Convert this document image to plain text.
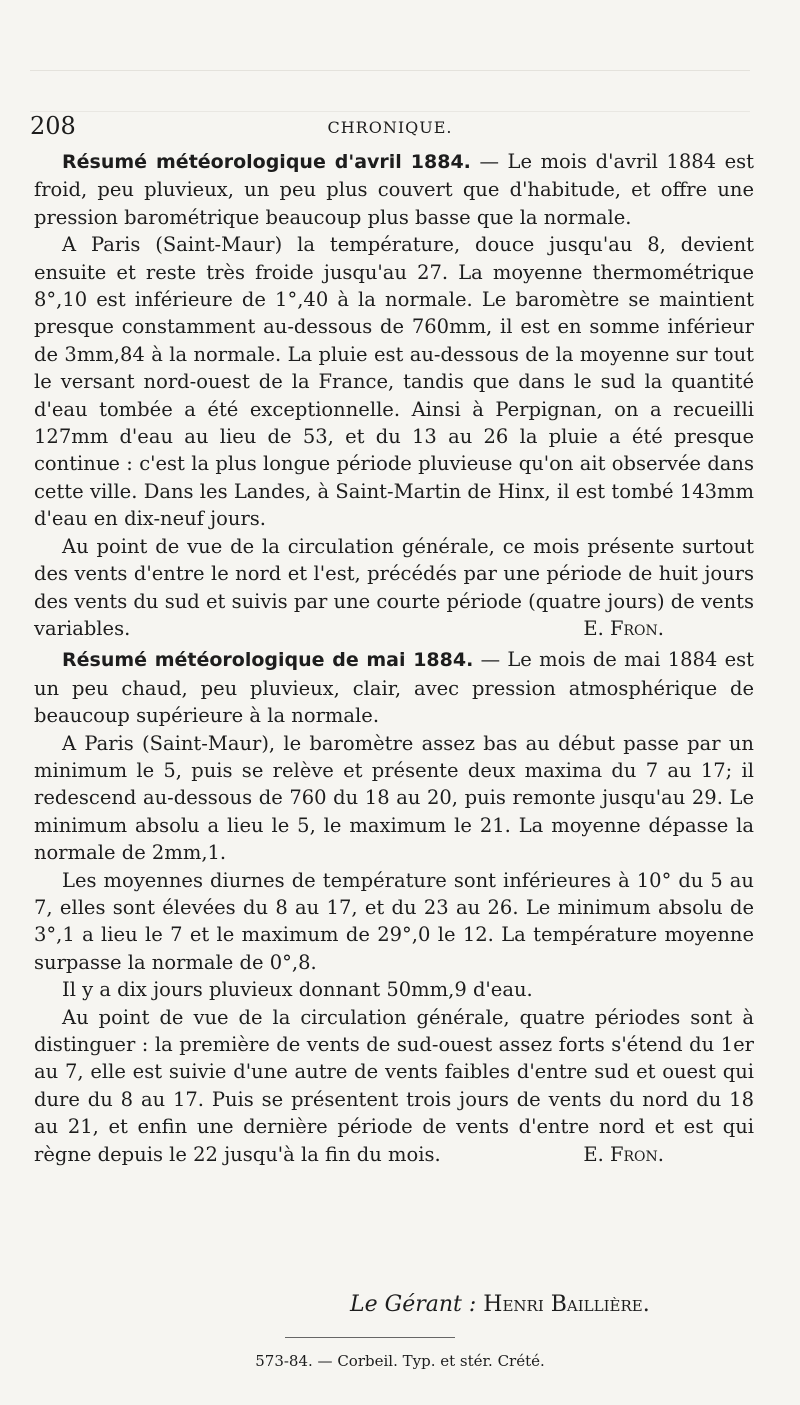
208	CHRONIQUE.

Résumé météorologique d'avril 1884. — Le mois d'avril 1884 est froid, peu pluvieux, un peu plus couvert que d'habitude, et offre une pression barométrique beaucoup plus basse que la normale.

A Paris (Saint-Maur) la température, douce jusqu'au 8, devient ensuite et reste très froide jusqu'au 27. La moyenne thermométrique 8°,10 est inférieure de 1°,40 à la normale. Le baromètre se maintient presque constamment au-dessous de 760mm, il est en somme inférieur de 3mm,84 à la normale. La pluie est au-dessous de la moyenne sur tout le versant nord-ouest de la France, tandis que dans le sud la quantité d'eau tombée a été exceptionnelle. Ainsi à Perpignan, on a recueilli 127mm d'eau au lieu de 53, et du 13 au 26 la pluie a été presque continue : c'est la plus longue période pluvieuse qu'on ait observée dans cette ville. Dans les Landes, à Saint-Martin de Hinx, il est tombé 143mm d'eau en dix-neuf jours.

Au point de vue de la circulation générale, ce mois présente surtout des vents d'entre le nord et l'est, précédés par une période de huit jours des vents du sud et suivis par une courte période (quatre jours) de vents variables.	E. Fron.

Résumé météorologique de mai 1884. — Le mois de mai 1884 est un peu chaud, peu pluvieux, clair, avec pression atmosphérique de beaucoup supérieure à la normale.

A Paris (Saint-Maur), le baromètre assez bas au début passe par un minimum le 5, puis se relève et présente deux maxima du 7 au 17; il redescend au-dessous de 760 du 18 au 20, puis remonte jusqu'au 29. Le minimum absolu a lieu le 5, le maximum le 21. La moyenne dépasse la normale de 2mm,1.

Les moyennes diurnes de température sont inférieures à 10° du 5 au 7, elles sont élevées du 8 au 17, et du 23 au 26. Le minimum absolu de 3°,1 a lieu le 7 et le maximum de 29°,0 le 12. La température moyenne surpasse la normale de 0°,8.

Il y a dix jours pluvieux donnant 50mm,9 d'eau.

Au point de vue de la circulation générale, quatre périodes sont à distinguer : la première de vents de sud-ouest assez forts s'étend du 1er au 7, elle est suivie d'une autre de vents faibles d'entre sud et ouest qui dure du 8 au 17. Puis se présentent trois jours de vents du nord du 18 au 21, et enfin une dernière période de vents d'entre nord et est qui règne depuis le 22 jusqu'à la fin du mois.	E. Fron.

Le Gérant : Henri Baillière.
573-84. — Corbeil. Typ. et stér. Crété.
